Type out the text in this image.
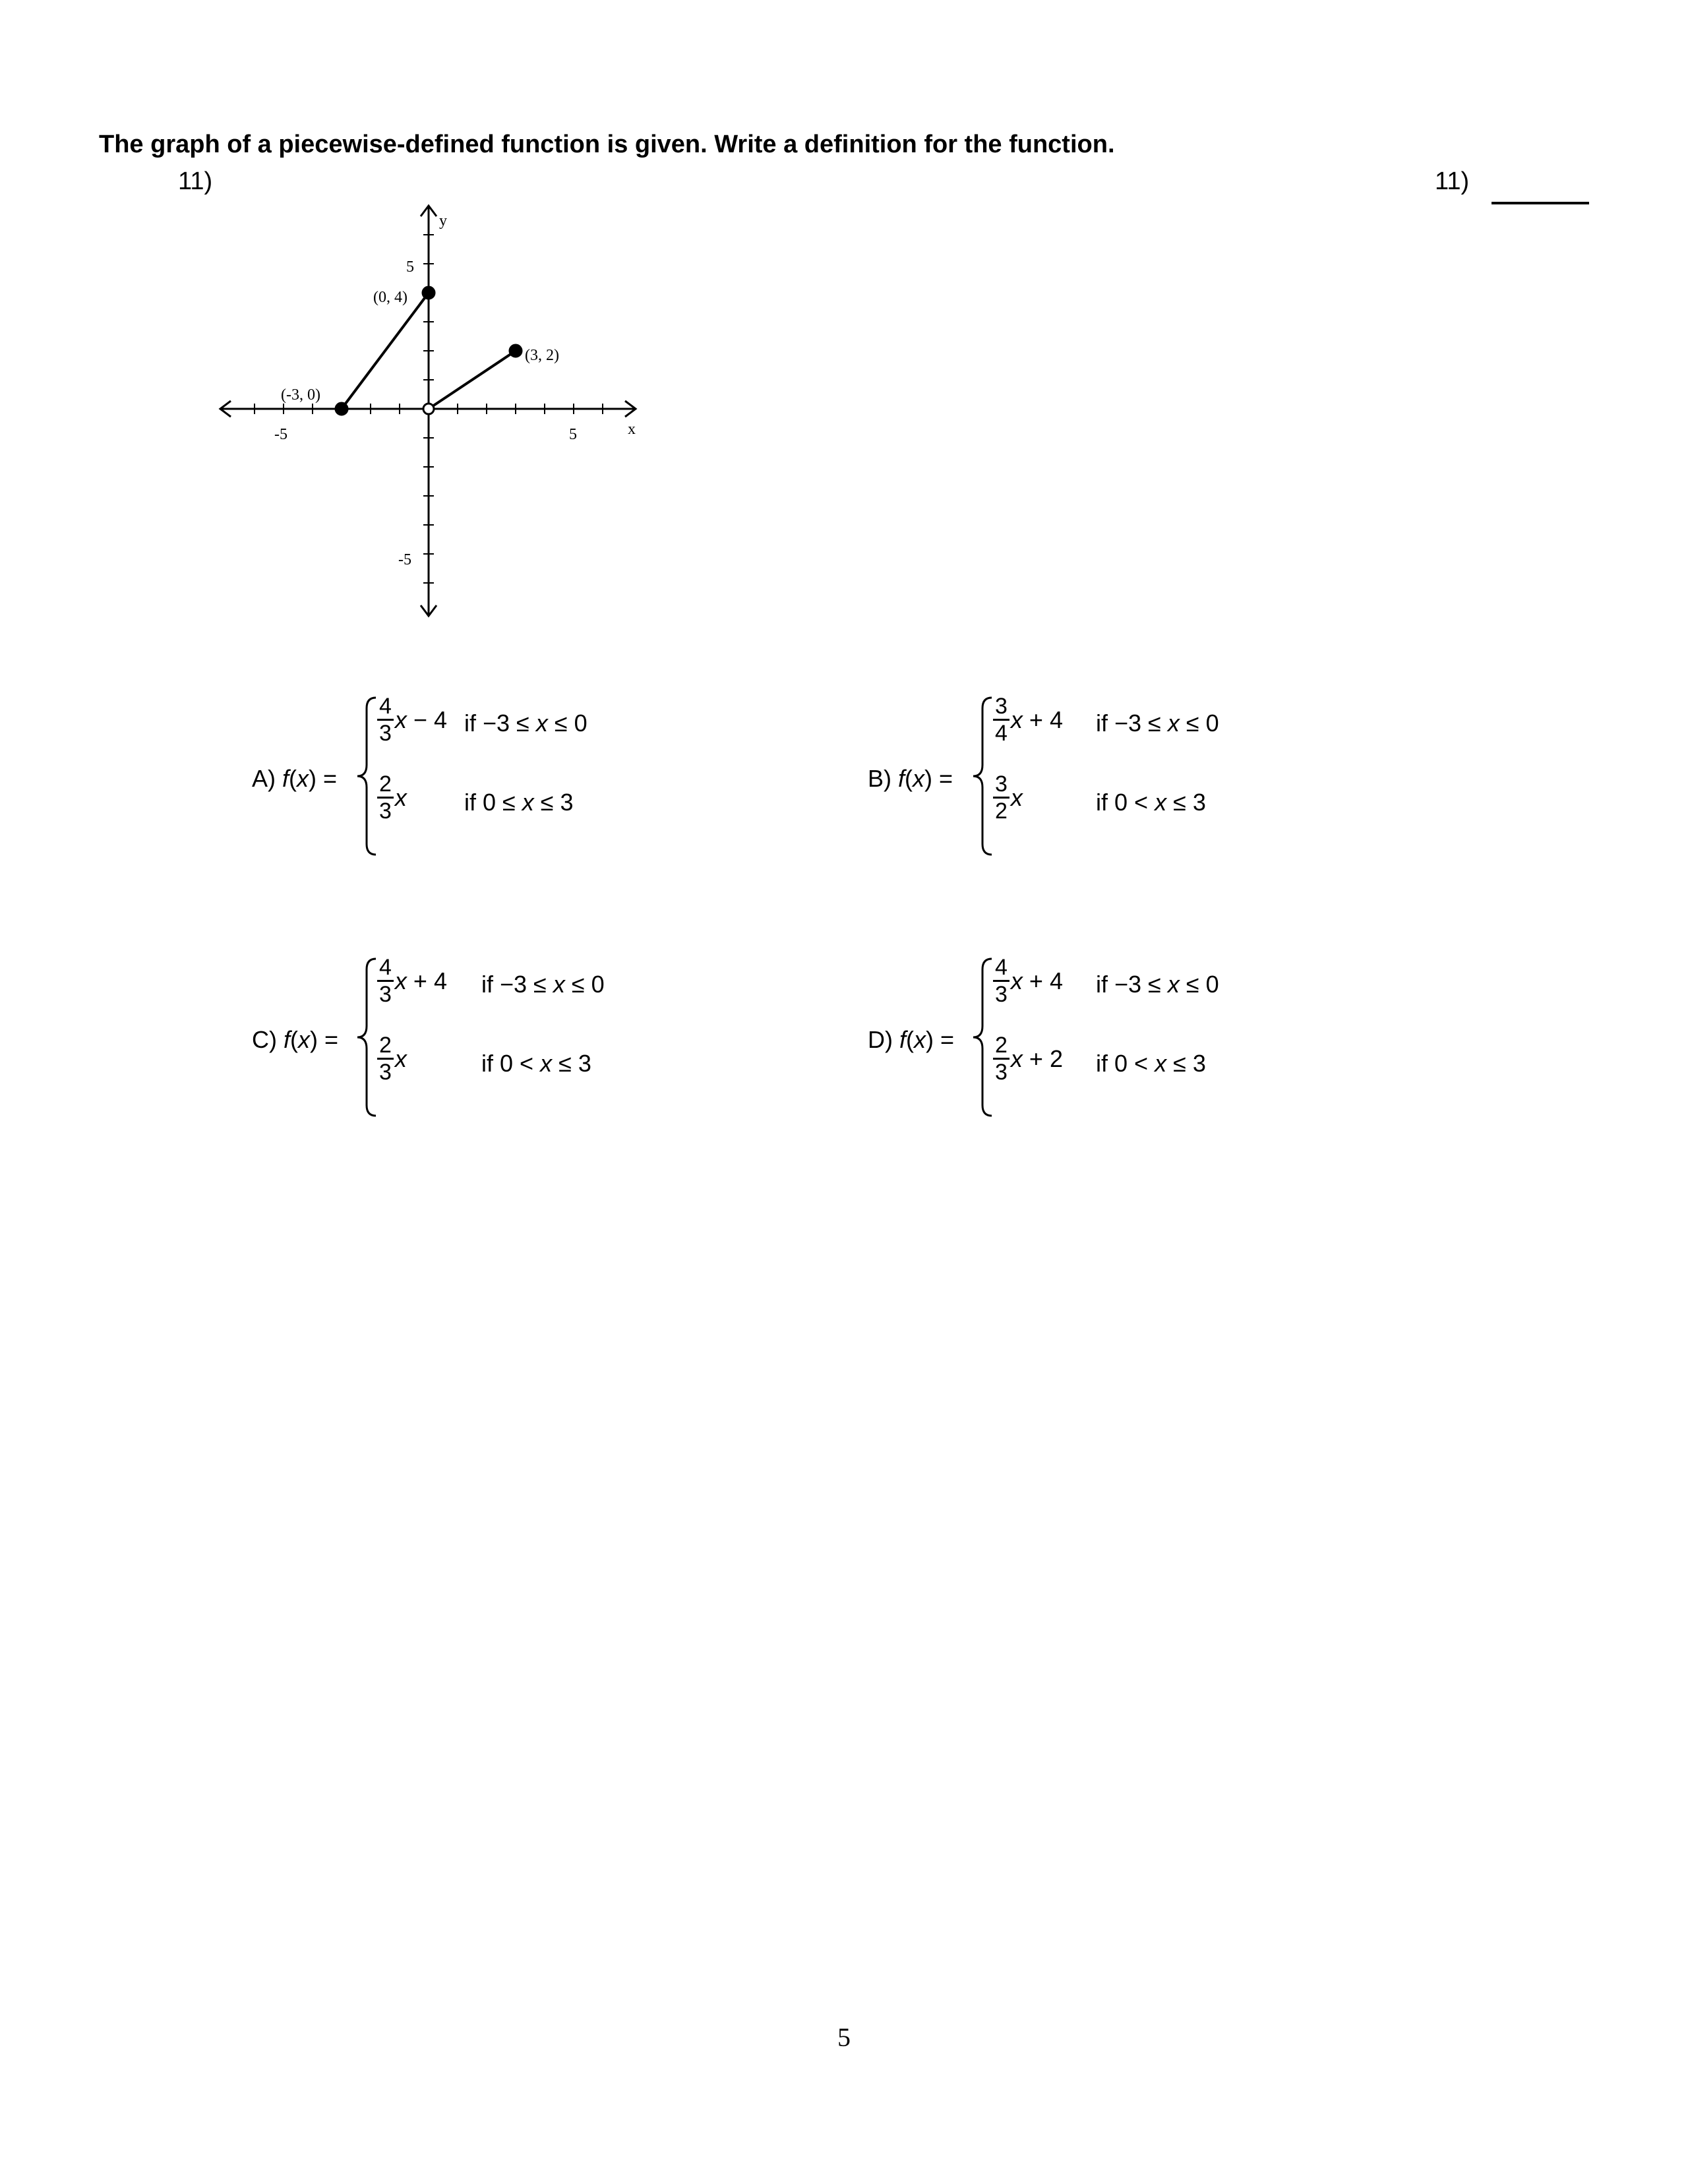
The graph of a piecewise-defined function is given. Write a definition for the function.
11)	11)
y
x
-5	5
5
-5
(-3, 0)
(0, 4)
(3, 2)
A) f(x) =
$\frac{4}{3}$ x − 4 if −3 ≤ x ≤ 0
$\frac{2}{3}$ x if 0 ≤ x ≤ 3
B) f(x) =
$\frac{3}{4}$ x + 4 if −3 ≤ x ≤ 0
$\frac{3}{2}$ x	if 0 < x ≤ 3
C) f(x) =
$\frac{4}{3}$ x + 4 if −3 ≤ x ≤ 0
$\frac{2}{3}$ x	if 0 < x ≤ 3
D) f(x) =
$\frac{4}{3}$ x + 4 if −3 ≤ x ≤ 0
$\frac{2}{3}$ x + 2 if 0 < x ≤ 3
5
